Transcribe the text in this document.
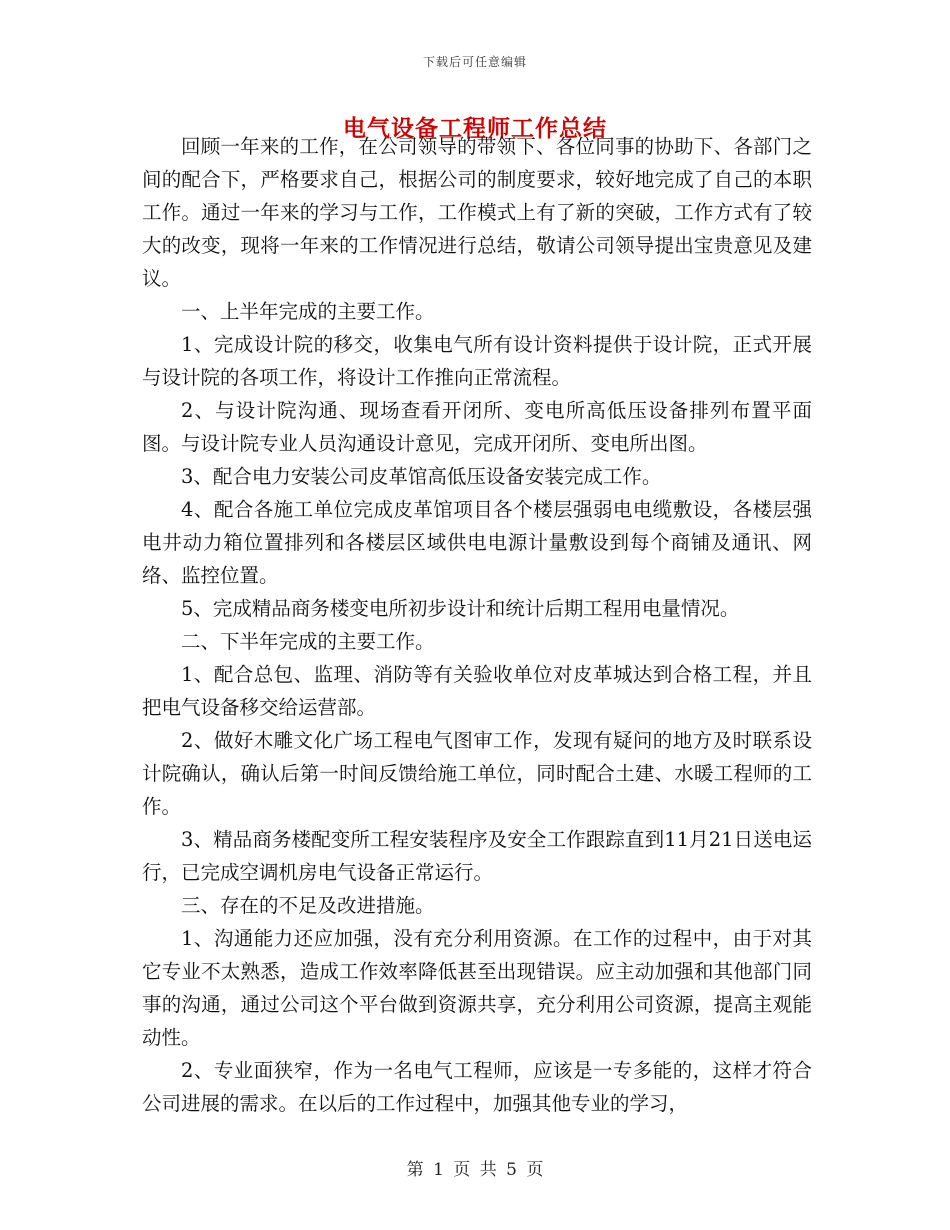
下载后可任意编辑
电气设备工程师工作总结

回顾一年来的工作，在公司领导的带领下、各位同事的协助下、各部门之间的配合下，严格要求自己，根据公司的制度要求，较好地完成了自己的本职工作。通过一年来的学习与工作，工作模式上有了新的突破，工作方式有了较大的改变，现将一年来的工作情况进行总结，敬请公司领导提出宝贵意见及建议。

一、上半年完成的主要工作。

1、完成设计院的移交，收集电气所有设计资料提供于设计院，正式开展与设计院的各项工作，将设计工作推向正常流程。

2、与设计院沟通、现场查看开闭所、变电所高低压设备排列布置平面图。与设计院专业人员沟通设计意见，完成开闭所、变电所出图。

3、配合电力安装公司皮革馆高低压设备安装完成工作。

4、配合各施工单位完成皮革馆项目各个楼层强弱电电缆敷设，各楼层强电井动力箱位置排列和各楼层区域供电电源计量敷设到每个商铺及通讯、网络、监控位置。

5、完成精品商务楼变电所初步设计和统计后期工程用电量情况。

二、下半年完成的主要工作。

1、配合总包、监理、消防等有关验收单位对皮革城达到合格工程，并且把电气设备移交给运营部。

2、做好木雕文化广场工程电气图审工作，发现有疑问的地方及时联系设计院确认，确认后第一时间反馈给施工单位，同时配合土建、水暖工程师的工作。

3、精品商务楼配变所工程安装程序及安全工作跟踪直到11月21日送电运行，已完成空调机房电气设备正常运行。

三、存在的不足及改进措施。

1、沟通能力还应加强，没有充分利用资源。在工作的过程中，由于对其它专业不太熟悉，造成工作效率降低甚至出现错误。应主动加强和其他部门同事的沟通，通过公司这个平台做到资源共享，充分利用公司资源，提高主观能动性。

2、专业面狭窄，作为一名电气工程师，应该是一专多能的，这样才符合公司进展的需求。在以后的工作过程中，加强其他专业的学习，

第 1 页 共 5 页
